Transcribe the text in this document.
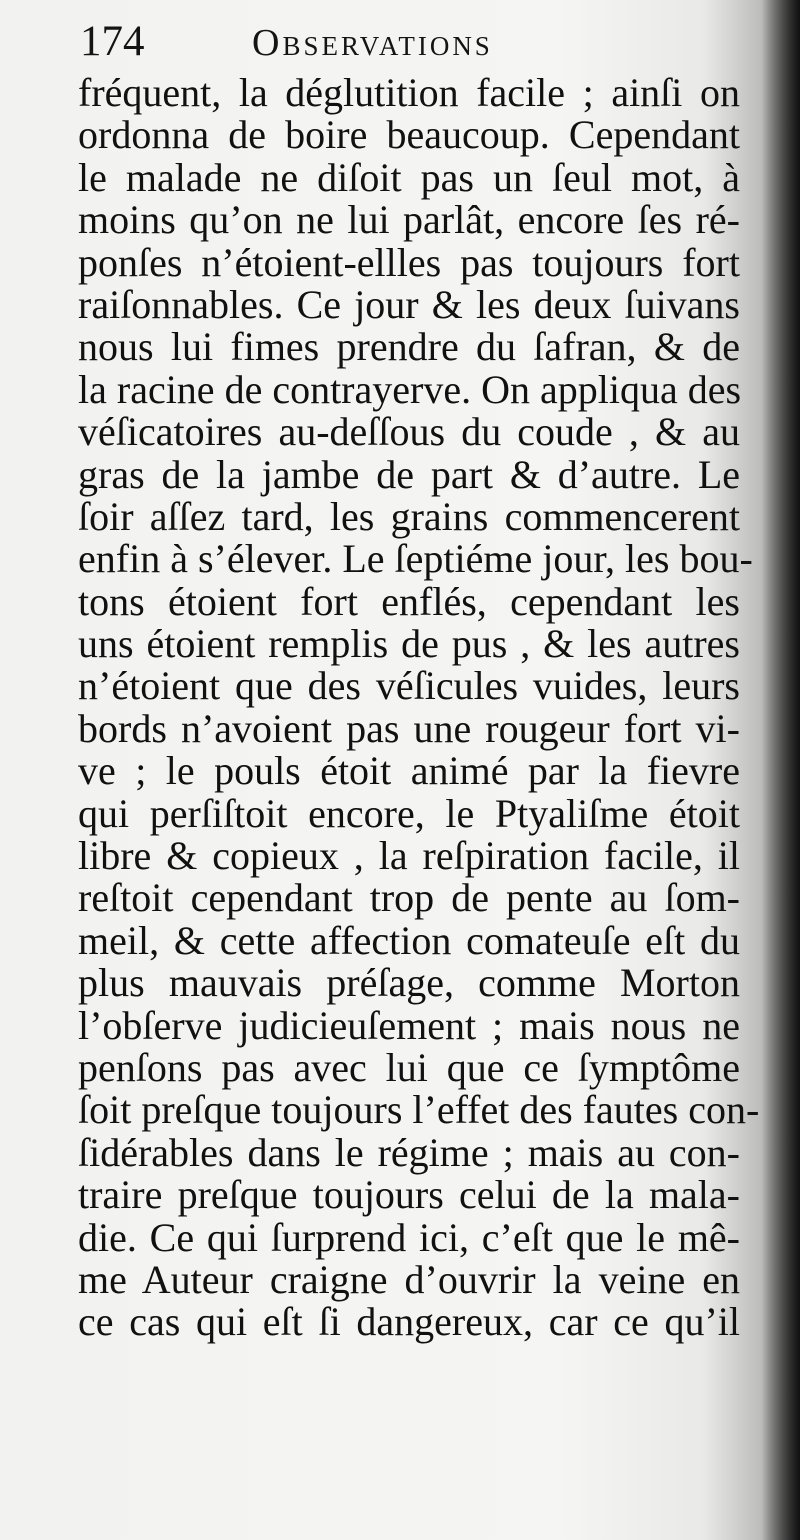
174	Observations
fréquent, la déglutition facile ; ainſi on
ordonna de boire beaucoup. Cependant
le malade ne diſoit pas un ſeul mot, à
moins qu’on ne lui parlât, encore ſes ré-
ponſes n’étoient-ellles pas toujours fort
raiſonnables. Ce jour & les deux ſuivans
nous lui fimes prendre du ſafran, & de
la racine de contrayerve. On appliqua des
véſicatoires au-deſſous du coude , & au
gras de la jambe de part & d’autre. Le
ſoir aſſez tard, les grains commencerent
enfin à s’élever. Le ſeptiéme jour, les bou-
tons étoient fort enflés, cependant les
uns étoient remplis de pus , & les autres
n’étoient que des véſicules vuides, leurs
bords n’avoient pas une rougeur fort vi-
ve ; le pouls étoit animé par la fievre
qui perſiſtoit encore, le Ptyaliſme étoit
libre & copieux , la reſpiration facile, il
reſtoit cependant trop de pente au ſom-
meil, & cette affection comateuſe eſt du
plus mauvais préſage, comme Morton
l’obſerve judicieuſement ; mais nous ne
penſons pas avec lui que ce ſymptôme
ſoit preſque toujours l’effet des fautes con-
ſidérables dans le régime ; mais au con-
traire preſque toujours celui de la mala-
die. Ce qui ſurprend ici, c’eſt que le mê-
me Auteur craigne d’ouvrir la veine en
ce cas qui eſt ſi dangereux, car ce qu’il
